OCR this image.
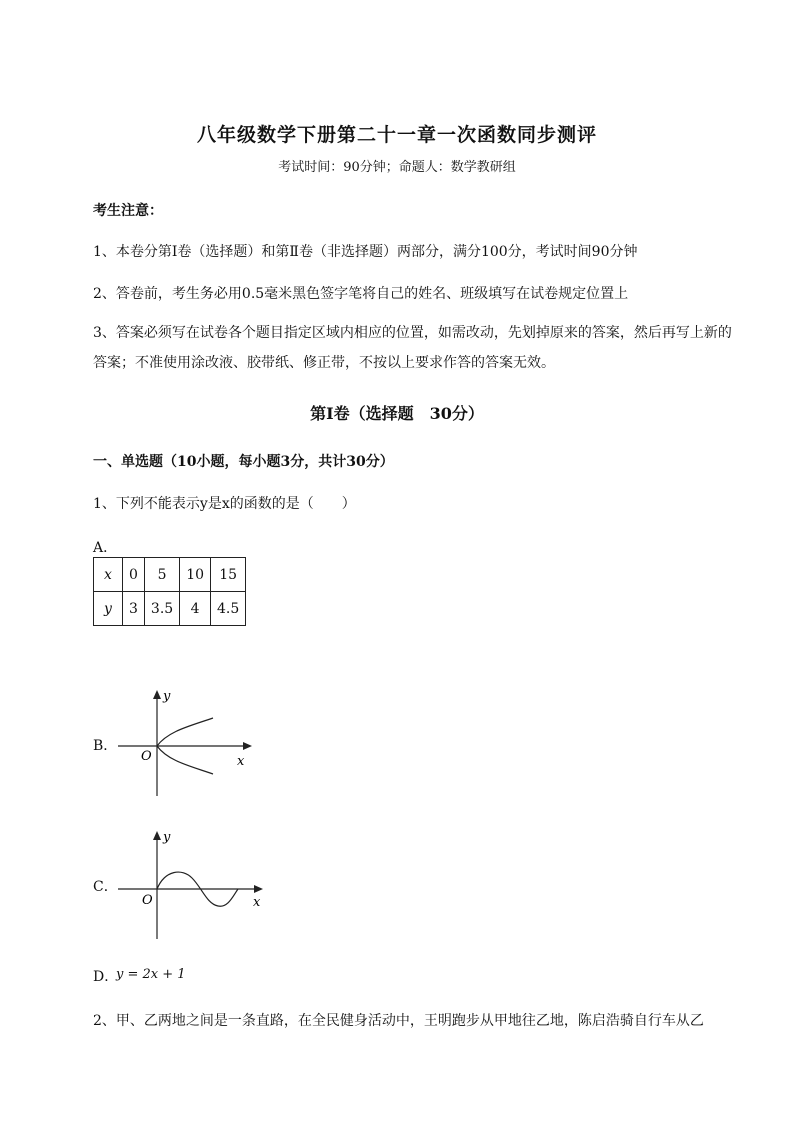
八年级数学下册第二十一章一次函数同步测评
考试时间：90分钟；命题人：数学教研组
考生注意：
1、本卷分第I卷（选择题）和第Ⅱ卷（非选择题）两部分，满分100分，考试时间90分钟
2、答卷前，考生务必用0.5毫米黑色签字笔将自己的姓名、班级填写在试卷规定位置上
3、答案必须写在试卷各个题目指定区域内相应的位置，如需改动，先划掉原来的答案，然后再写上新的答案；不准使用涂改液、胶带纸、修正带，不按以上要求作答的答案无效。
第I卷（选择题　30分）
一、单选题（10小题，每小题3分，共计30分）
1、下列不能表示y是x的函数的是（　　）
A．
x	0	5	10	15
y	3	3.5	4	4.5
B．
y
x
O
C．
y
x
O
D．
y = 2x + 1
2、甲、乙两地之间是一条直路，在全民健身活动中，王明跑步从甲地往乙地，陈启浩骑自行车从乙
